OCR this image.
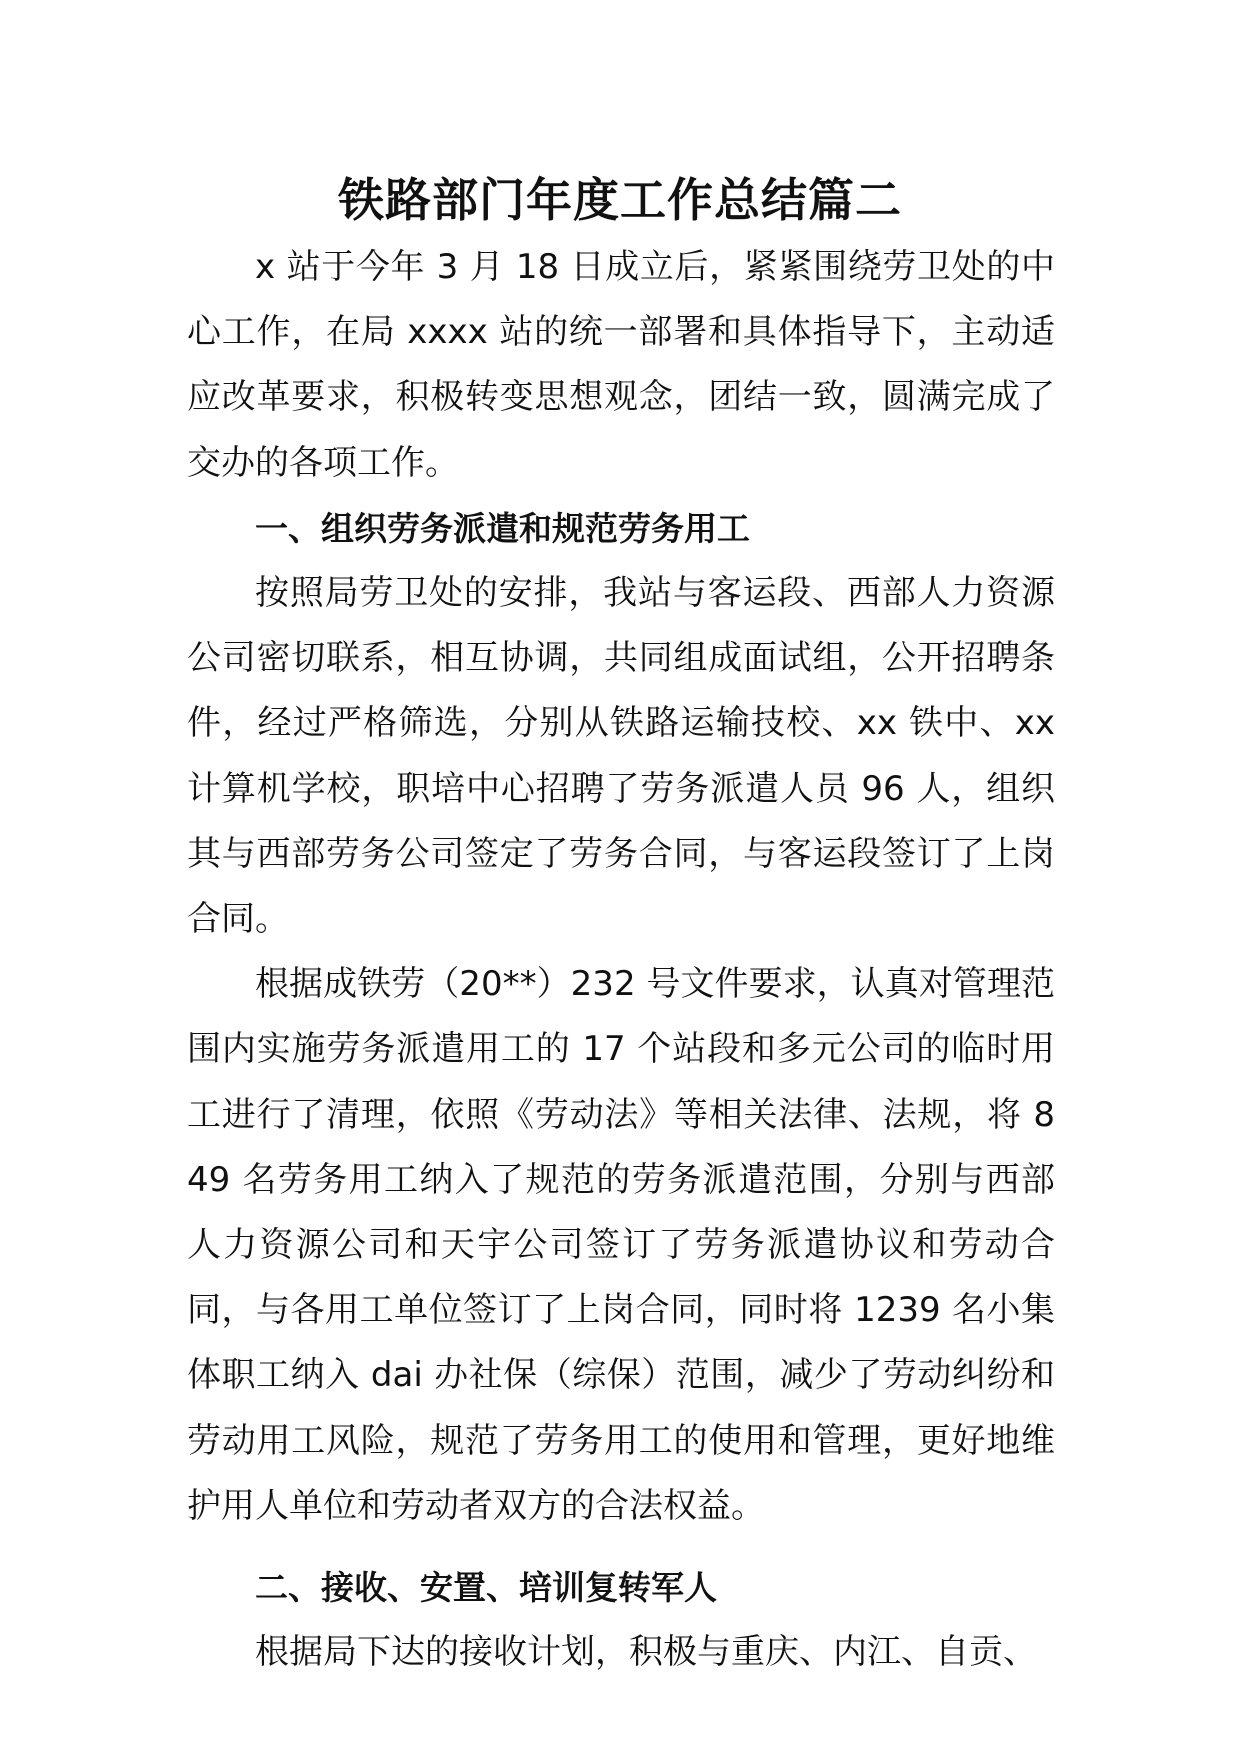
铁路部门年度工作总结篇二

x 站于今年 3 月 18 日成立后，紧紧围绕劳卫处的中心工作，在局 xxxx 站的统一部署和具体指导下，主动适应改革要求，积极转变思想观念，团结一致，圆满完成了交办的各项工作。

一、组织劳务派遣和规范劳务用工

按照局劳卫处的安排，我站与客运段、西部人力资源公司密切联系，相互协调，共同组成面试组，公开招聘条件，经过严格筛选，分别从铁路运输技校、xx 铁中、xx 计算机学校，职培中心招聘了劳务派遣人员 96 人，组织其与西部劳务公司签定了劳务合同，与客运段签订了上岗合同。

根据成铁劳（20**）232 号文件要求，认真对管理范围内实施劳务派遣用工的 17 个站段和多元公司的临时用工进行了清理，依照《劳动法》等相关法律、法规，将 849 名劳务用工纳入了规范的劳务派遣范围，分别与西部人力资源公司和天宇公司签订了劳务派遣协议和劳动合同，与各用工单位签订了上岗合同，同时将 1239 名小集体职工纳入 dai 办社保（综保）范围，减少了劳动纠纷和劳动用工风险，规范了劳务用工的使用和管理，更好地维护用人单位和劳动者双方的合法权益。

二、接收、安置、培训复转军人

根据局下达的接收计划，积极与重庆、内江、自贡、
